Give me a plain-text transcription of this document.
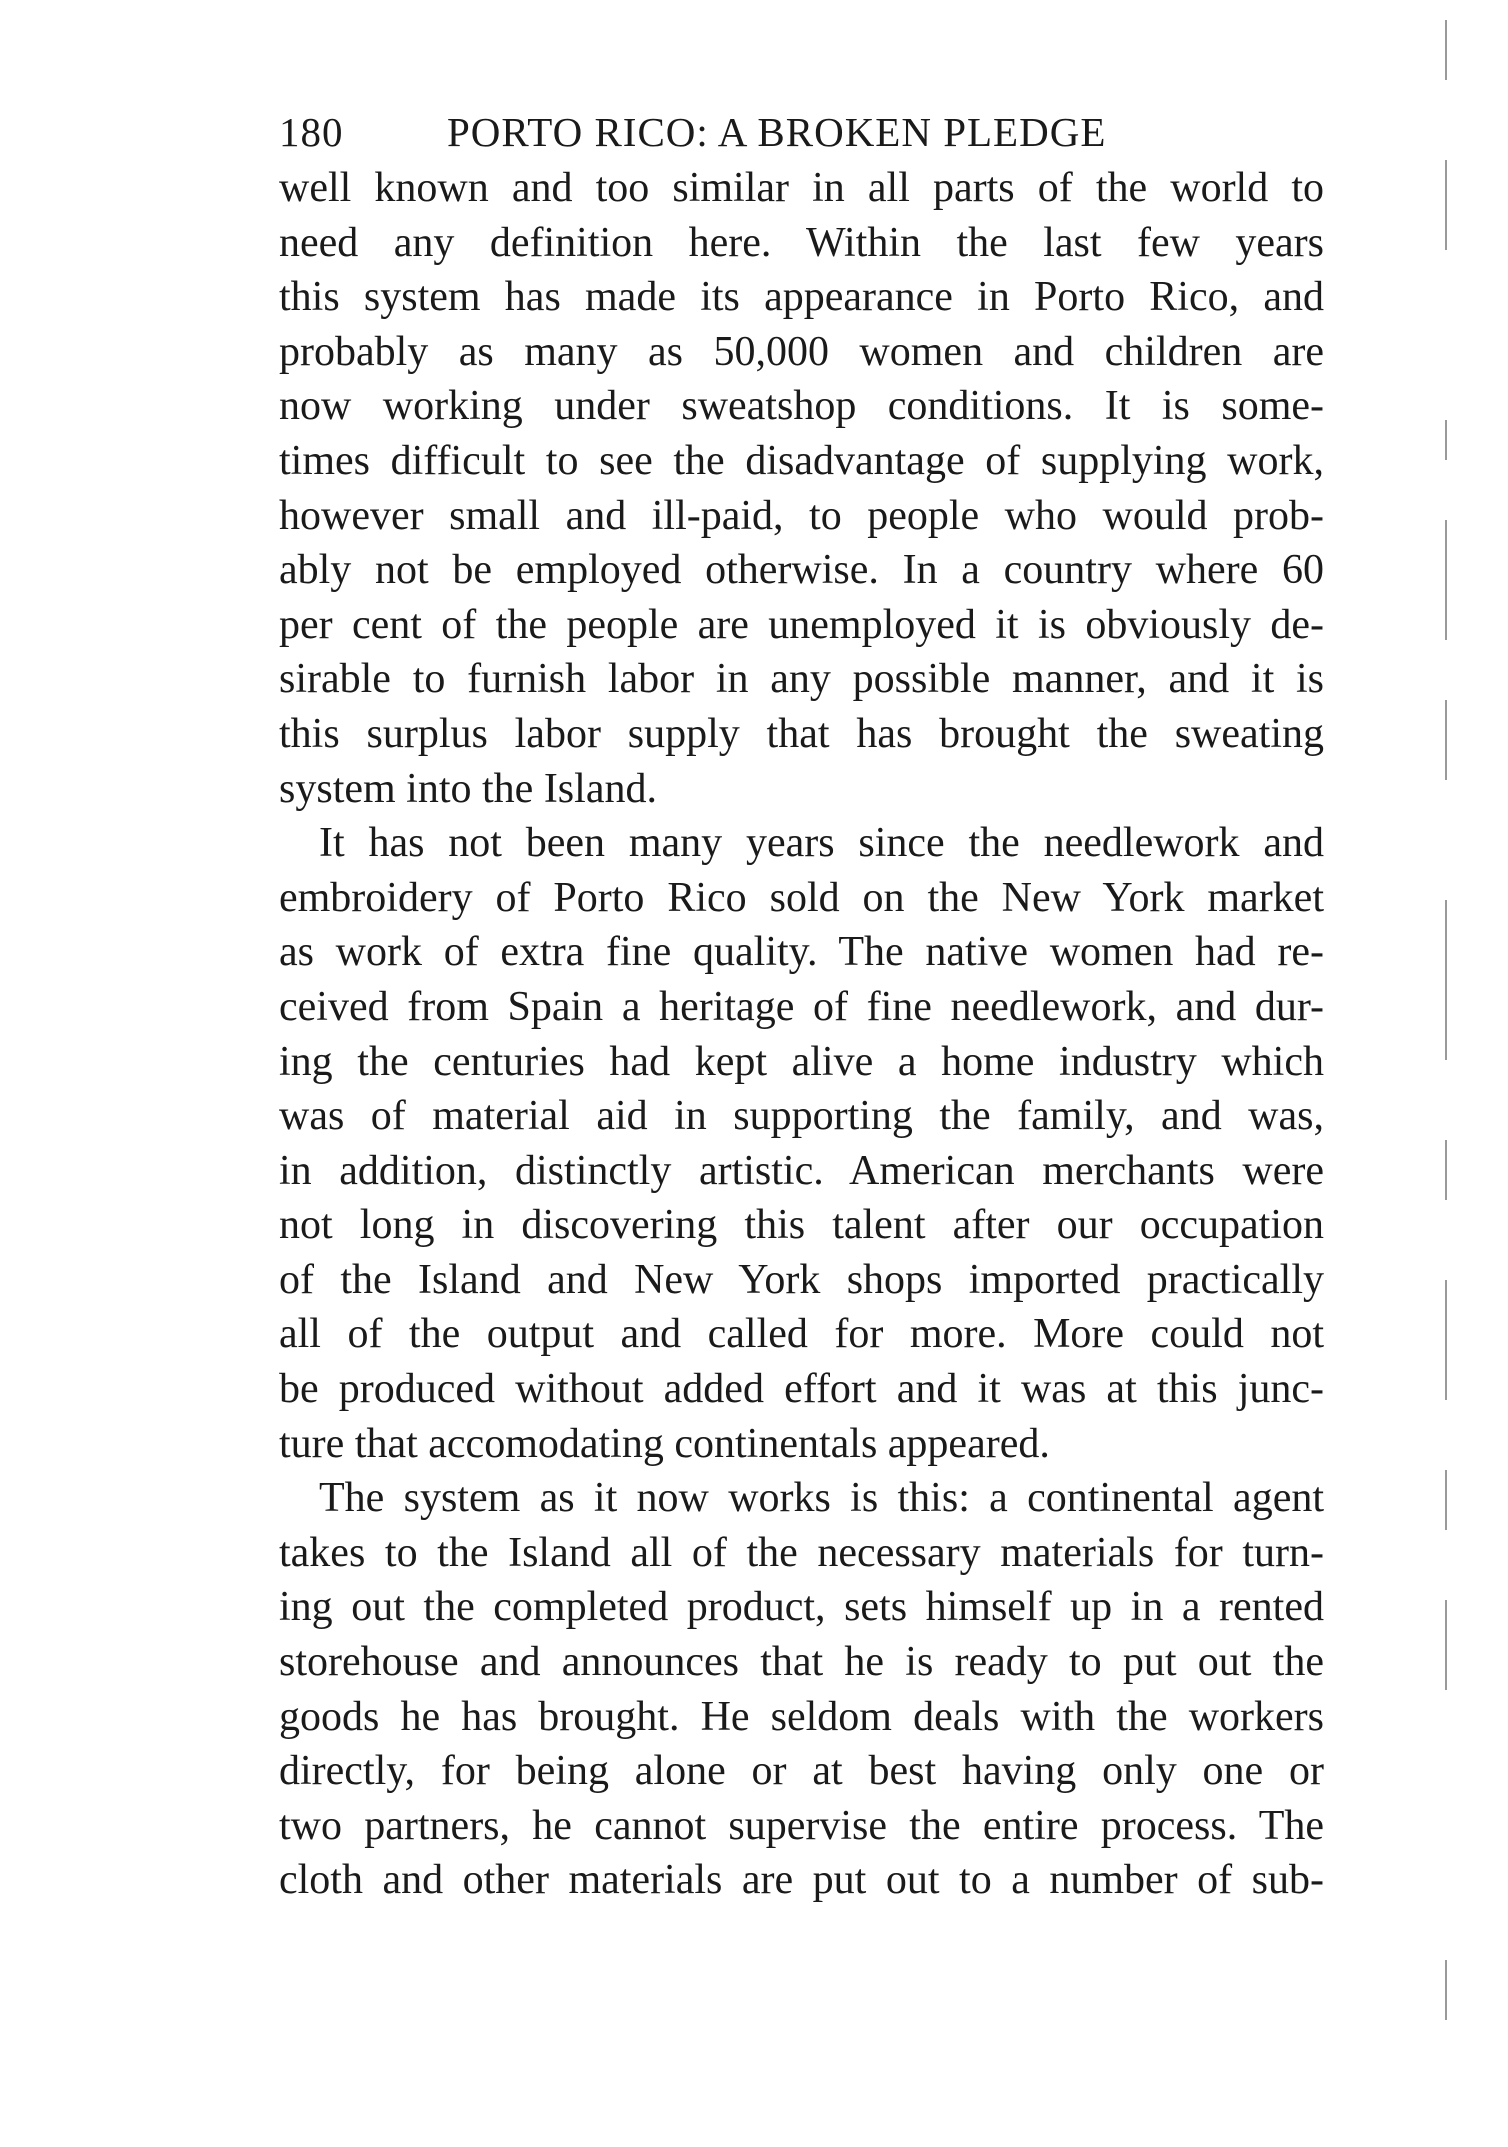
180	PORTO RICO: A BROKEN PLEDGE
well known and too similar in all parts of the world to
need any definition here. Within the last few years
this system has made its appearance in Porto Rico, and
probably as many as 50,000 women and children are
now working under sweatshop conditions. It is some-
times difficult to see the disadvantage of supplying work,
however small and ill-paid, to people who would prob-
ably not be employed otherwise. In a country where 60
per cent of the people are unemployed it is obviously de-
sirable to furnish labor in any possible manner, and it is
this surplus labor supply that has brought the sweating
system into the Island.
It has not been many years since the needlework and
embroidery of Porto Rico sold on the New York market
as work of extra fine quality. The native women had re-
ceived from Spain a heritage of fine needlework, and dur-
ing the centuries had kept alive a home industry which
was of material aid in supporting the family, and was,
in addition, distinctly artistic. American merchants were
not long in discovering this talent after our occupation
of the Island and New York shops imported practically
all of the output and called for more. More could not
be produced without added effort and it was at this junc-
ture that accomodating continentals appeared.
The system as it now works is this: a continental agent
takes to the Island all of the necessary materials for turn-
ing out the completed product, sets himself up in a rented
storehouse and announces that he is ready to put out the
goods he has brought. He seldom deals with the workers
directly, for being alone or at best having only one or
two partners, he cannot supervise the entire process. The
cloth and other materials are put out to a number of sub-
